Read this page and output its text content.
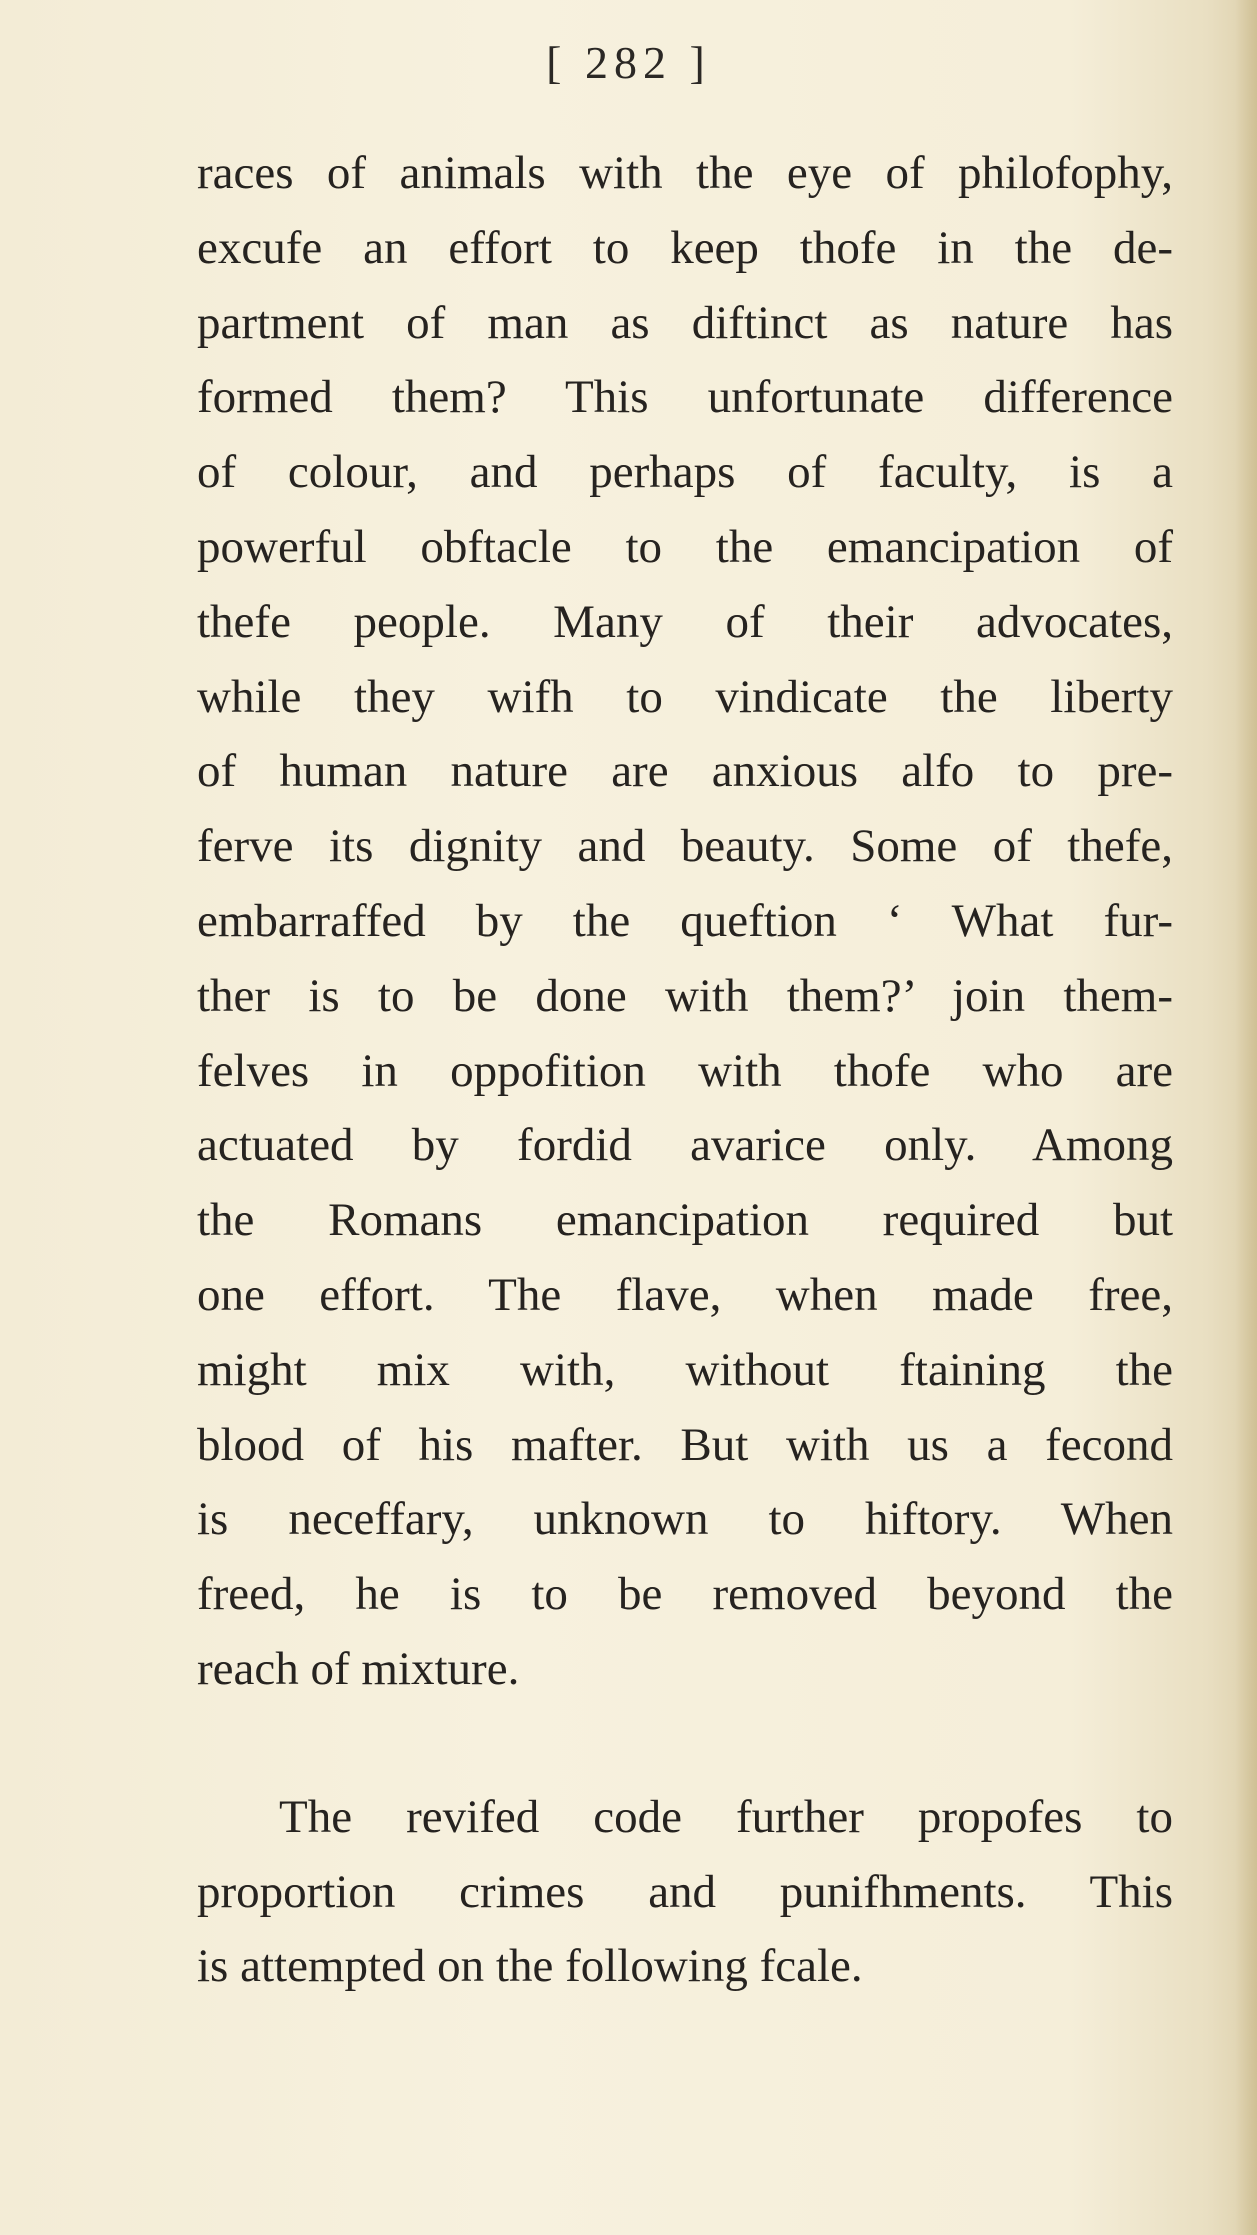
[ 282 ]
races of animals with the eye of philofophy,
excufe an effort to keep thofe in the de-
partment of man as diftinct as nature has
formed them? This unfortunate difference
of colour, and perhaps of faculty, is a
powerful obftacle to the emancipation of
thefe people. Many of their advocates,
while they wifh to vindicate the liberty
of human nature are anxious alfo to pre-
ferve its dignity and beauty. Some of thefe,
embarraffed by the queftion ‘ What fur-
ther is to be done with them?’ join them-
felves in oppofition with thofe who are
actuated by fordid avarice only. Among
the Romans emancipation required but
one effort. The flave, when made free,
might mix with, without ftaining the
blood of his mafter. But with us a fecond
is neceffary, unknown to hiftory. When
freed, he is to be removed beyond the
reach of mixture.
The revifed code further propofes to
proportion crimes and punifhments. This
is attempted on the following fcale.
